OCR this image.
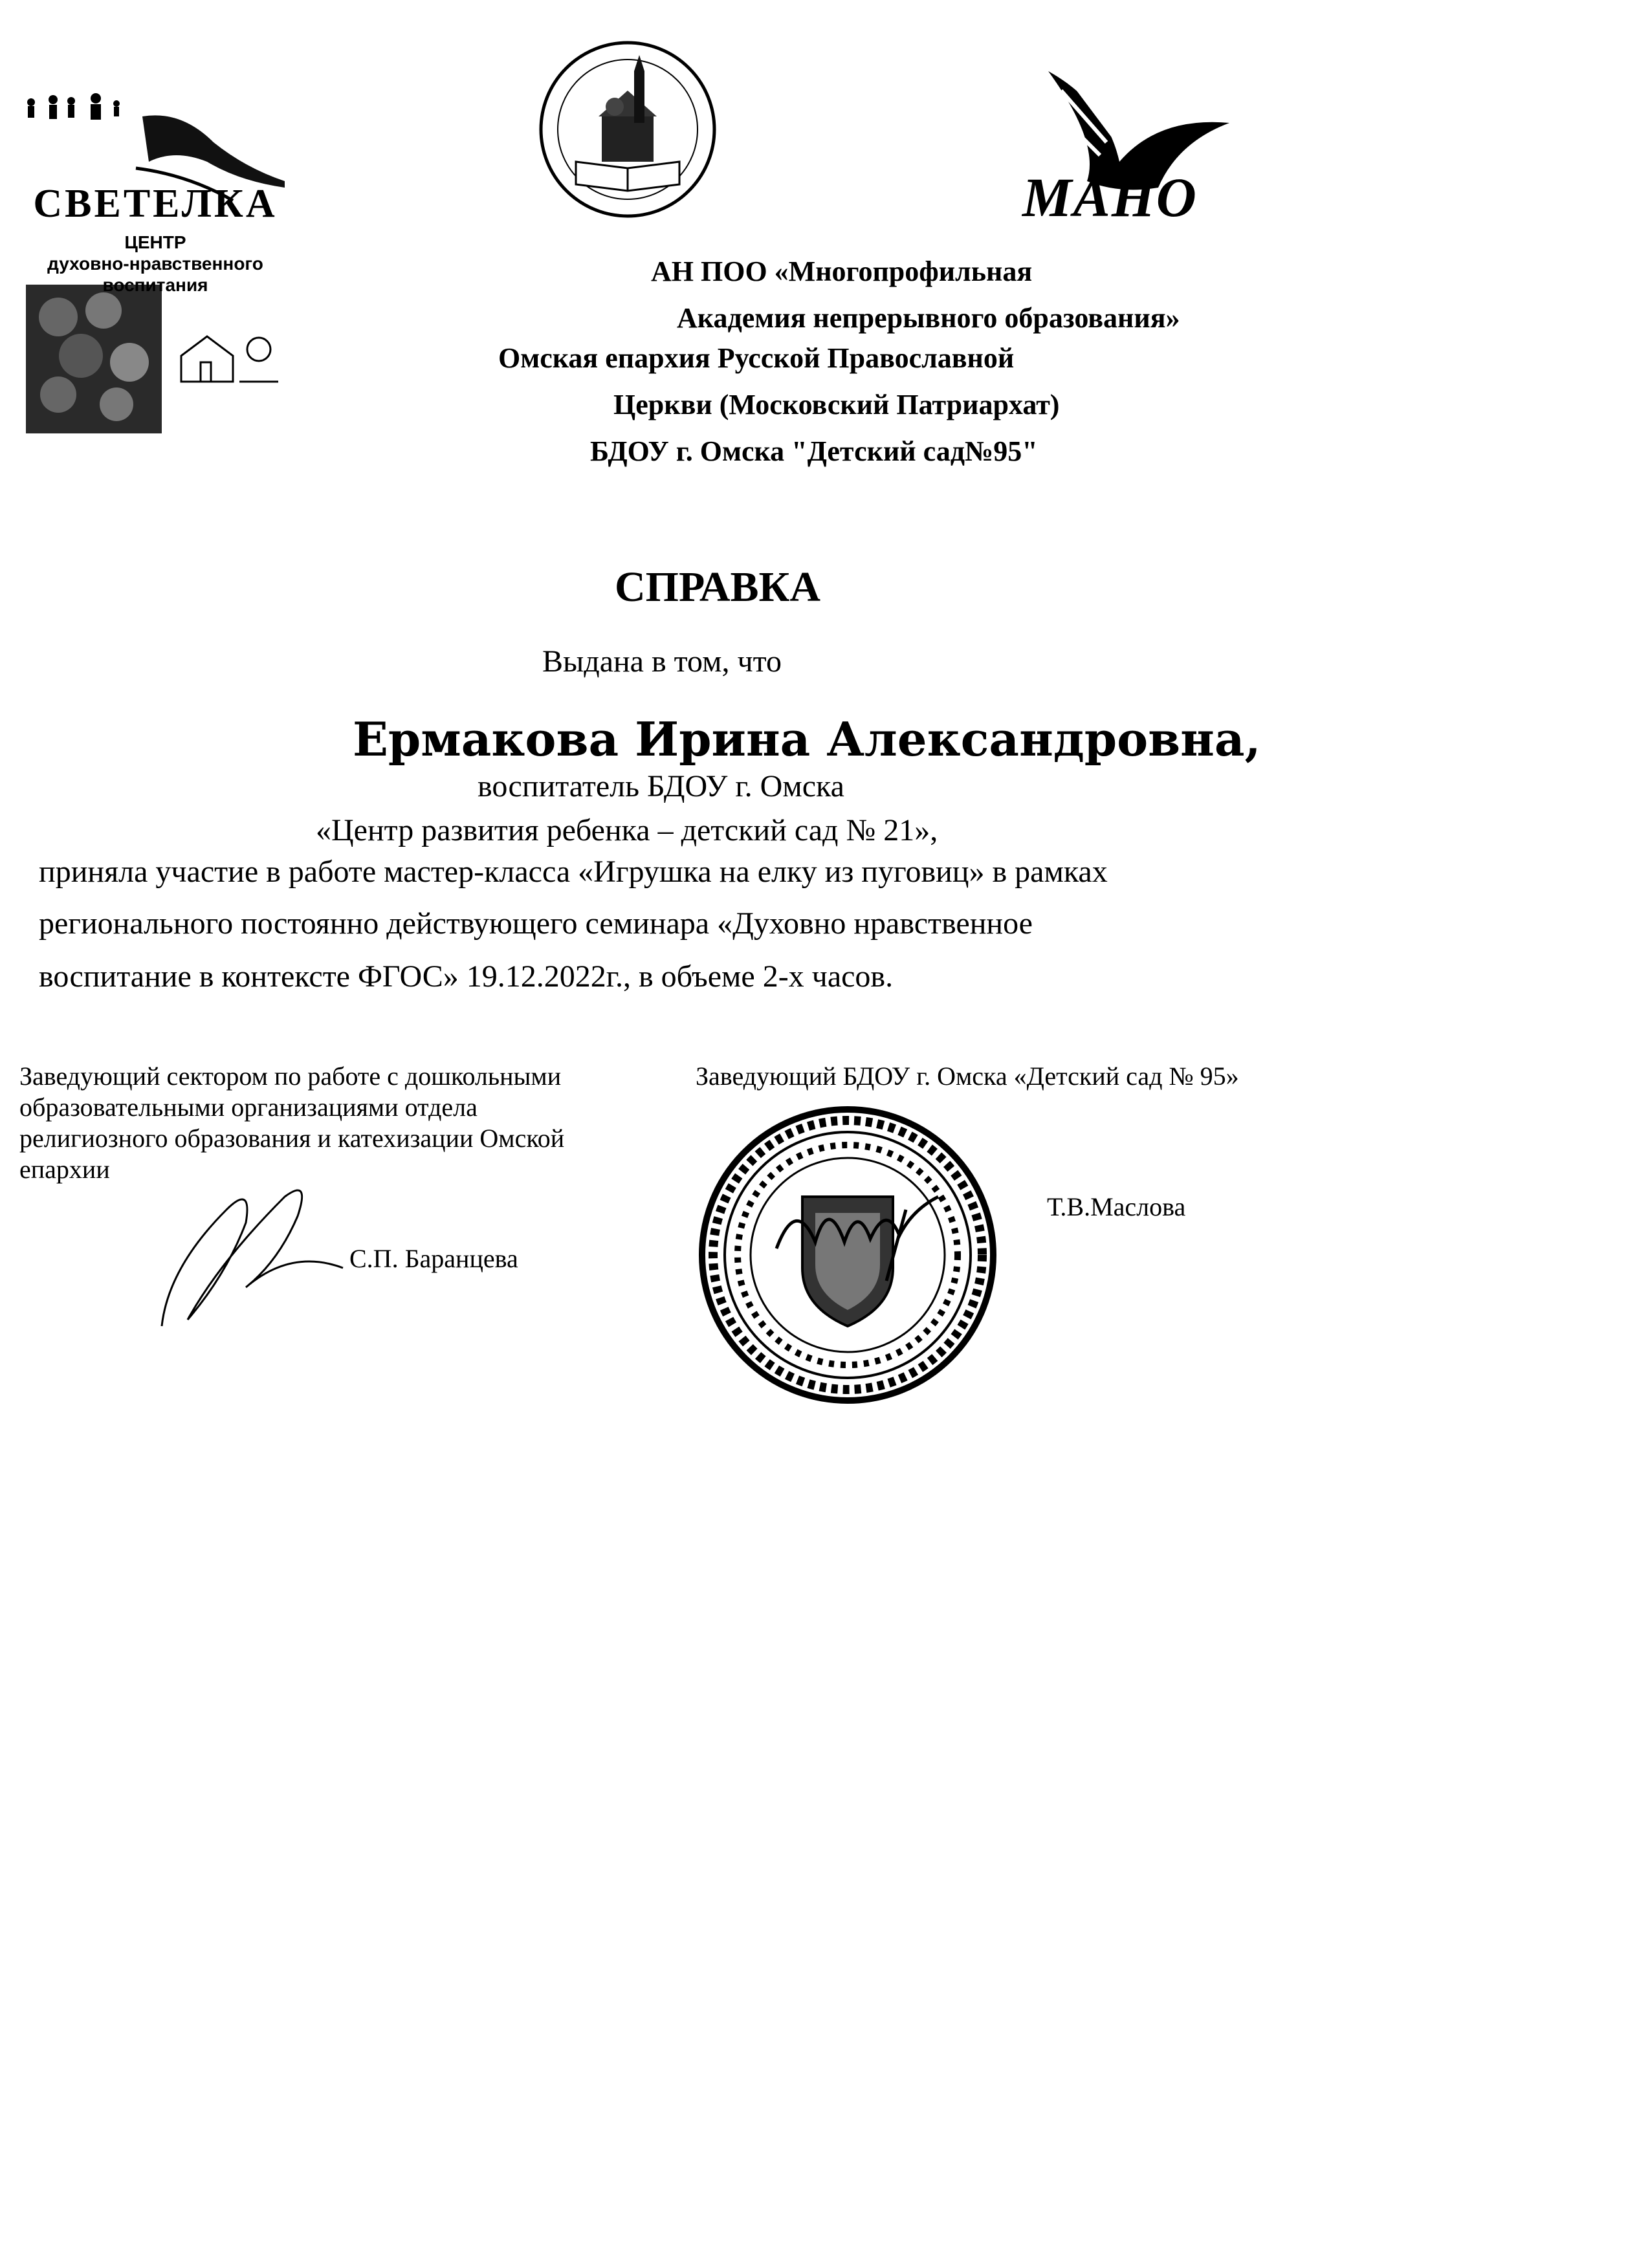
СВЕТЕЛКА
ЦЕНТР
духовно-нравственного
воспитания
МАНО
АН ПОО «Многопрофильная
Академия непрерывного образования»
Омская епархия Русской Православной
Церкви (Московский Патриархат)
БДОУ г. Омска "Детский сад№95"
СПРАВКА
Выдана в том, что
Ермакова Ирина Александровна,
воспитатель БДОУ г. Омска
«Центр развития ребенка – детский сад № 21»,
приняла участие в работе мастер-класса «Игрушка на елку из пуговиц» в рамках
регионального постоянно действующего семинара «Духовно нравственное
воспитание в контексте ФГОС» 19.12.2022г., в объеме 2-х часов.
Заведующий сектором по работе с дошкольными
образовательными организациями отдела
религиозного образования и катехизации Омской
епархии
С.П. Баранцева
Заведующий БДОУ г. Омска «Детский сад № 95»
Т.В.Маслова
